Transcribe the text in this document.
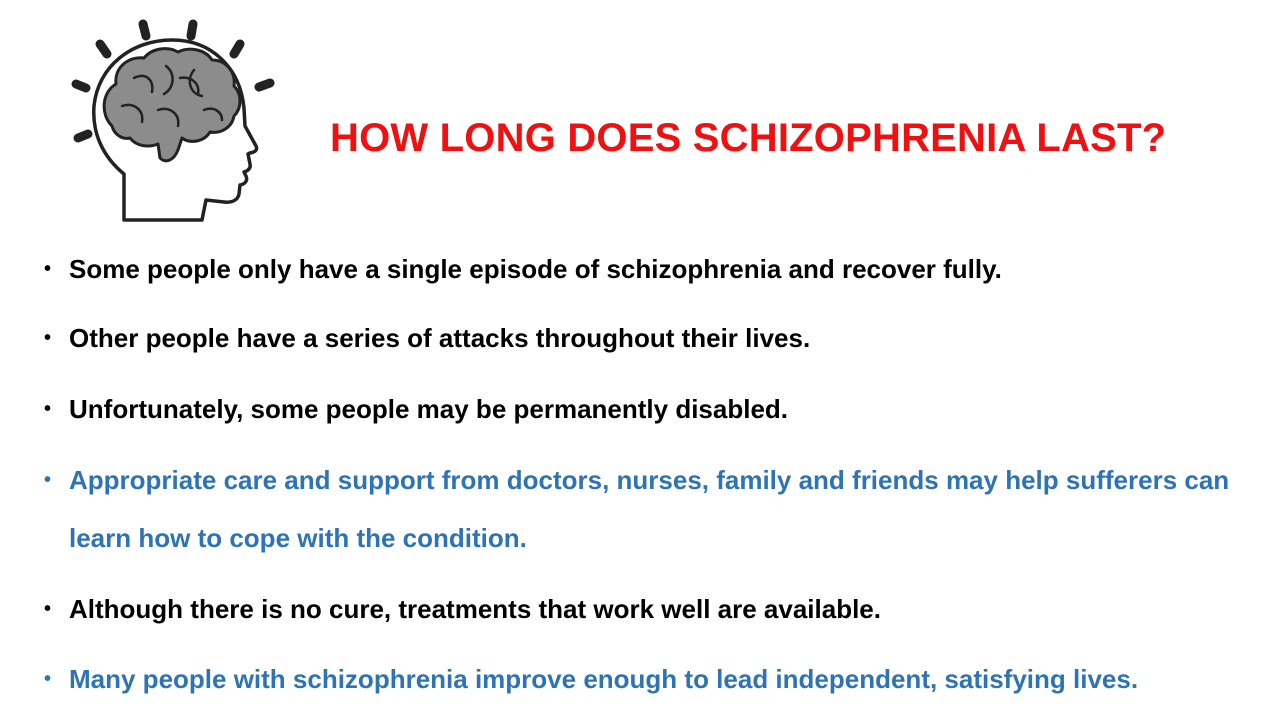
HOW LONG DOES SCHIZOPHRENIA LAST?
• Some people only have a single episode of schizophrenia and recover fully.
• Other people have a series of attacks throughout their lives.
• Unfortunately, some people may be permanently disabled.
• Appropriate care and support from doctors, nurses, family and friends may help sufferers can learn how to cope with the condition.
• Although there is no cure, treatments that work well are available.
• Many people with schizophrenia improve enough to lead independent, satisfying lives.
